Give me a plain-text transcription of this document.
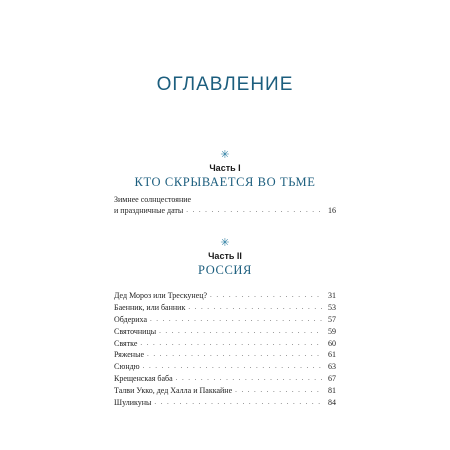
ОГЛАВЛЕНИЕ
✳
Часть I
КТО СКРЫВАЕТСЯ ВО ТЬМЕ
Зимнее солнцестояние
и праздничные даты . . .	16
✳
Часть II
РОССИЯ
Дед Мороз или Трескунец? . . .	31
Баенник, или банник . . .	53
Обдериха . . .	57
Святочницы . . .	59
Святке . . .	60
Ряженые . . .	61
Сюндю . . .	63
Крещенская баба . . .	67
Талви Укко, дед Халла и Паккайне . . .	81
Шуликуны . . .	84
